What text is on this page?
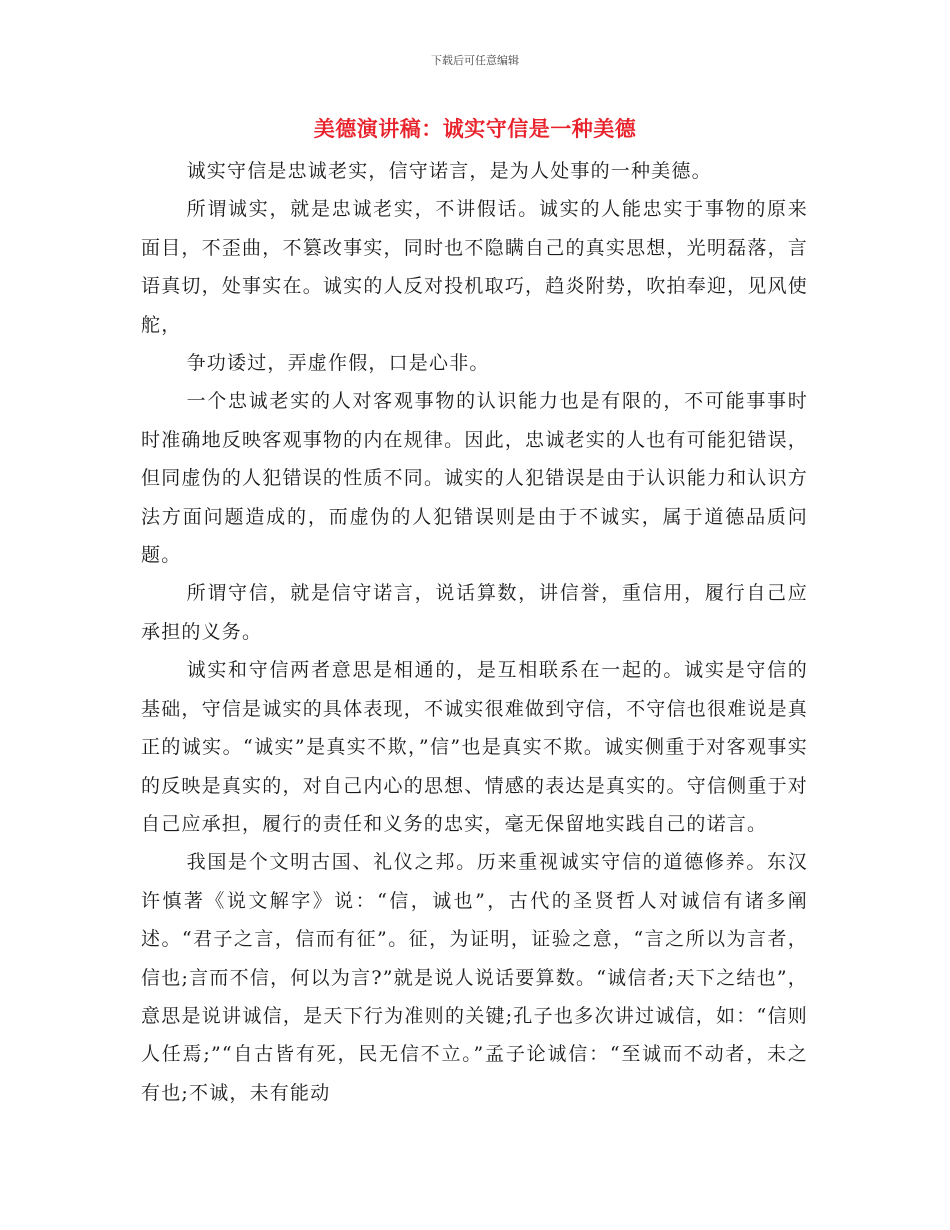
下载后可任意编辑
美德演讲稿：诚实守信是一种美德

诚实守信是忠诚老实，信守诺言，是为人处事的一种美德。

所谓诚实，就是忠诚老实，不讲假话。诚实的人能忠实于事物的原来面目，不歪曲，不篡改事实，同时也不隐瞒自己的真实思想，光明磊落，言语真切，处事实在。诚实的人反对投机取巧，趋炎附势，吹拍奉迎，见风使舵，

争功诿过，弄虚作假，口是心非。

一个忠诚老实的人对客观事物的认识能力也是有限的，不可能事事时时准确地反映客观事物的内在规律。因此，忠诚老实的人也有可能犯错误，但同虚伪的人犯错误的性质不同。诚实的人犯错误是由于认识能力和认识方法方面问题造成的，而虚伪的人犯错误则是由于不诚实，属于道德品质问题。

所谓守信，就是信守诺言，说话算数，讲信誉，重信用，履行自己应承担的义务。

诚实和守信两者意思是相通的，是互相联系在一起的。诚实是守信的基础，守信是诚实的具体表现，不诚实很难做到守信，不守信也很难说是真正的诚实。“诚实”是真实不欺，”信”也是真实不欺。诚实侧重于对客观事实的反映是真实的，对自己内心的思想、情感的表达是真实的。守信侧重于对自己应承担，履行的责任和义务的忠实，毫无保留地实践自己的诺言。

我国是个文明古国、礼仪之邦。历来重视诚实守信的道德修养。东汉许慎著《说文解字》说：“信，诚也”，古代的圣贤哲人对诚信有诸多阐述。“君子之言，信而有征”。征，为证明，证验之意，“言之所以为言者，信也;言而不信，何以为言?”就是说人说话要算数。“诚信者;天下之结也”，意思是说讲诚信，是天下行为准则的关键;孔子也多次讲过诚信，如：“信则人任焉;”“自古皆有死，民无信不立。”孟子论诚信：“至诚而不动者，未之有也;不诚，未有能动
